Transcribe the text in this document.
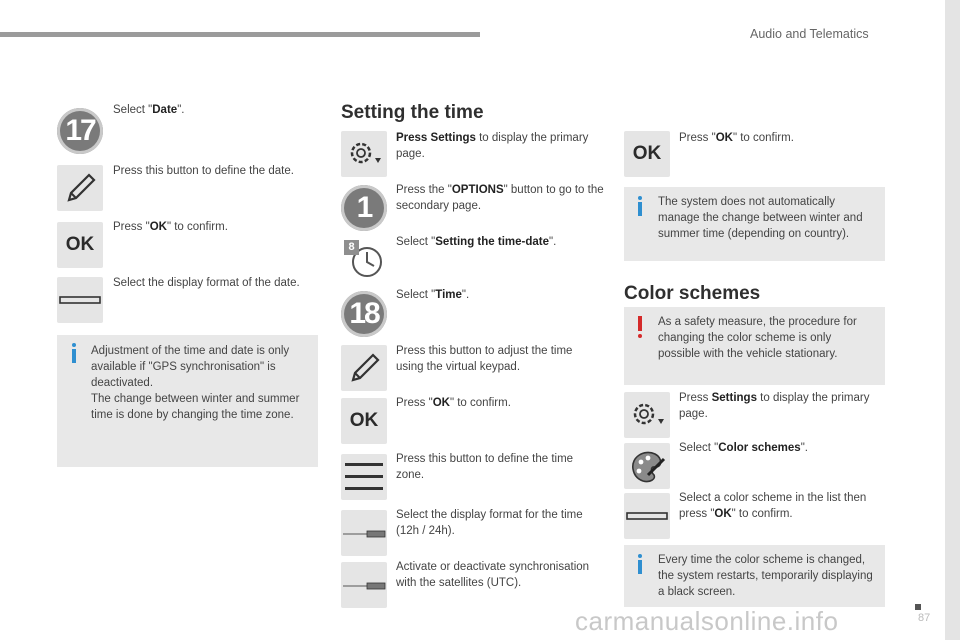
Audio and Telematics
17
Select "Date".
Press this button to define the date.
OK
Press "OK" to confirm.
Select the display format of the date.
Adjustment of the time and date is only available if "GPS synchronisation" is deactivated.
The change between winter and summer time is done by changing the time zone.
Setting the time
Press Settings to display the primary page.
1
Press the "OPTIONS" button to go to the secondary page.
8	Select "Setting the time-date".
18
Select "Time".
Press this button to adjust the time using the virtual keypad.
OK
Press "OK" to confirm.
Press this button to define the time zone.
Select the display format for the time (12h / 24h).
Activate or deactivate synchronisation with the satellites (UTC).
OK
Press "OK" to confirm.
The system does not automatically manage the change between winter and summer time (depending on country).
Color schemes
As a safety measure, the procedure for changing the color scheme is only possible with the vehicle stationary.
Press Settings to display the primary page.
Select "Color schemes".
Select a color scheme in the list then press "OK" to confirm.
Every time the color scheme is changed, the system restarts, temporarily displaying a black screen.
carmanualsonline.info	87
